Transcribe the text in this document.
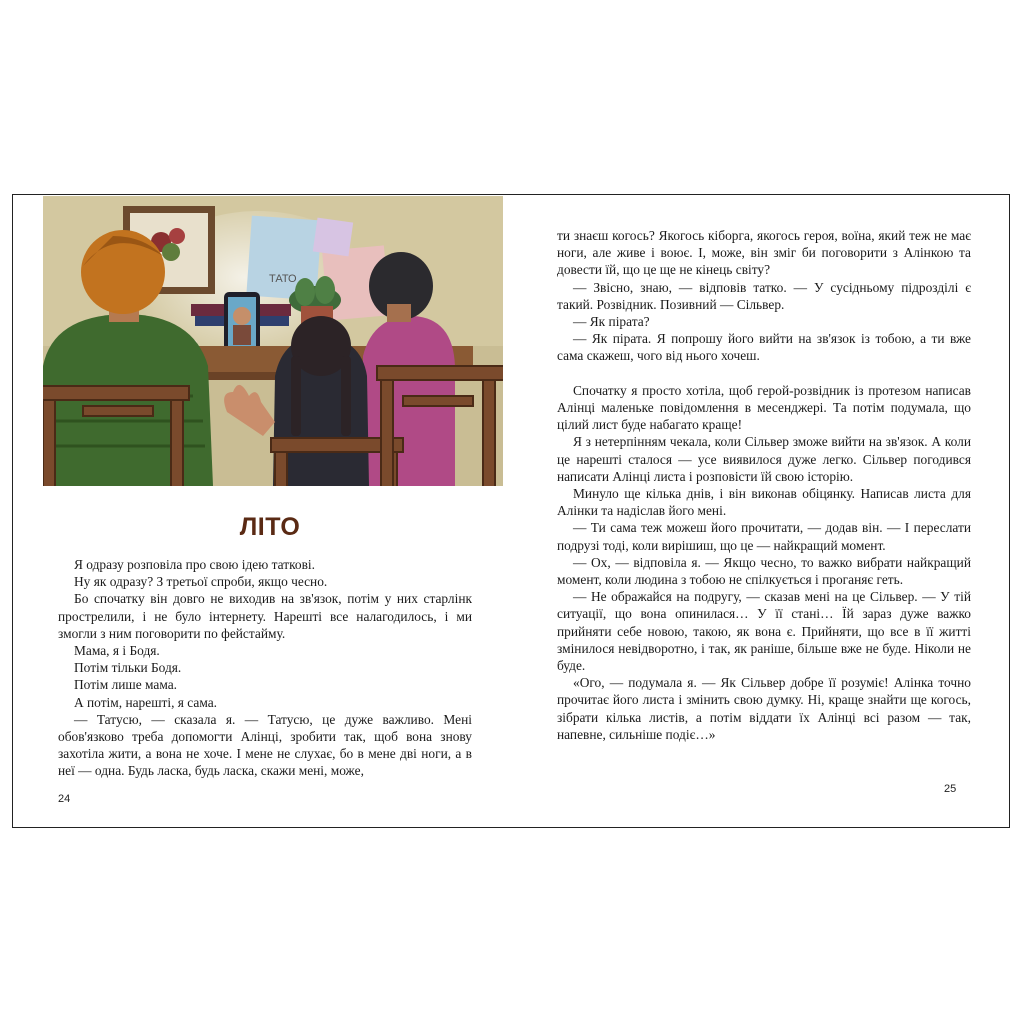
ТАТО
ЛІТО

Я одразу розповіла про свою ідею таткові.

Ну як одразу? З третьої спроби, якщо чесно.

Бо спочатку він довго не виходив на зв'язок, потім у них старлінк прострелили, і не було інтернету. Нарешті все налагодилось, і ми змогли з ним поговорити по фейстайму.

Мама, я і Бодя.

Потім тільки Бодя.

Потім лише мама.

А потім, нарешті, я сама.

— Татусю, — сказала я. — Татусю, це дуже важливо. Мені обов'язково треба допомогти Алінці, зробити так, щоб вона знову захотіла жити, а вона не хоче. І мене не слухає, бо в мене дві ноги, а в неї — одна. Будь ласка, будь ласка, скажи мені, може,

ти знаєш когось? Якогось кіборга, якогось героя, воїна, який теж не має ноги, але живе і воює. І, може, він зміг би поговорити з Алінкою та довести їй, що це ще не кінець світу?

— Звісно, знаю, — відповів татко. — У сусідньому підрозділі є такий. Розвідник. Позивний — Сільвер.

— Як пірата?

— Як пірата. Я попрошу його вийти на зв'язок із тобою, а ти вже сама скажеш, чого від нього хочеш.

Спочатку я просто хотіла, щоб герой-розвідник із протезом написав Алінці маленьке повідомлення в месенджері. Та потім подумала, що цілий лист буде набагато краще!

Я з нетерпінням чекала, коли Сільвер зможе вийти на зв'язок. А коли це нарешті сталося — усе виявилося дуже легко. Сільвер погодився написати Алінці листа і розповісти їй свою історію.

Минуло ще кілька днів, і він виконав обіцянку. Написав листа для Алінки та надіслав його мені.

— Ти сама теж можеш його прочитати, — додав він. — І переслати подрузі тоді, коли вирішиш, що це — найкращий момент.

— Ох, — відповіла я. — Якщо чесно, то важко вибрати найкращий момент, коли людина з тобою не спілкується і проганяє геть.

— Не ображайся на подругу, — сказав мені на це Сільвер. — У тій ситуації, що вона опинилася… У її стані… Їй зараз дуже важко прийняти себе новою, такою, як вона є. Прийняти, що все в її житті змінилося невідворотно, і так, як раніше, більше вже не буде. Ніколи не буде.

«Ого, — подумала я. — Як Сільвер добре її розуміє! Алінка точно прочитає його листа і змінить свою думку. Ні, краще знайти ще когось, зібрати кілька листів, а потім віддати їх Алінці всі разом — так, напевне, сильніше подіє…»

24
25
